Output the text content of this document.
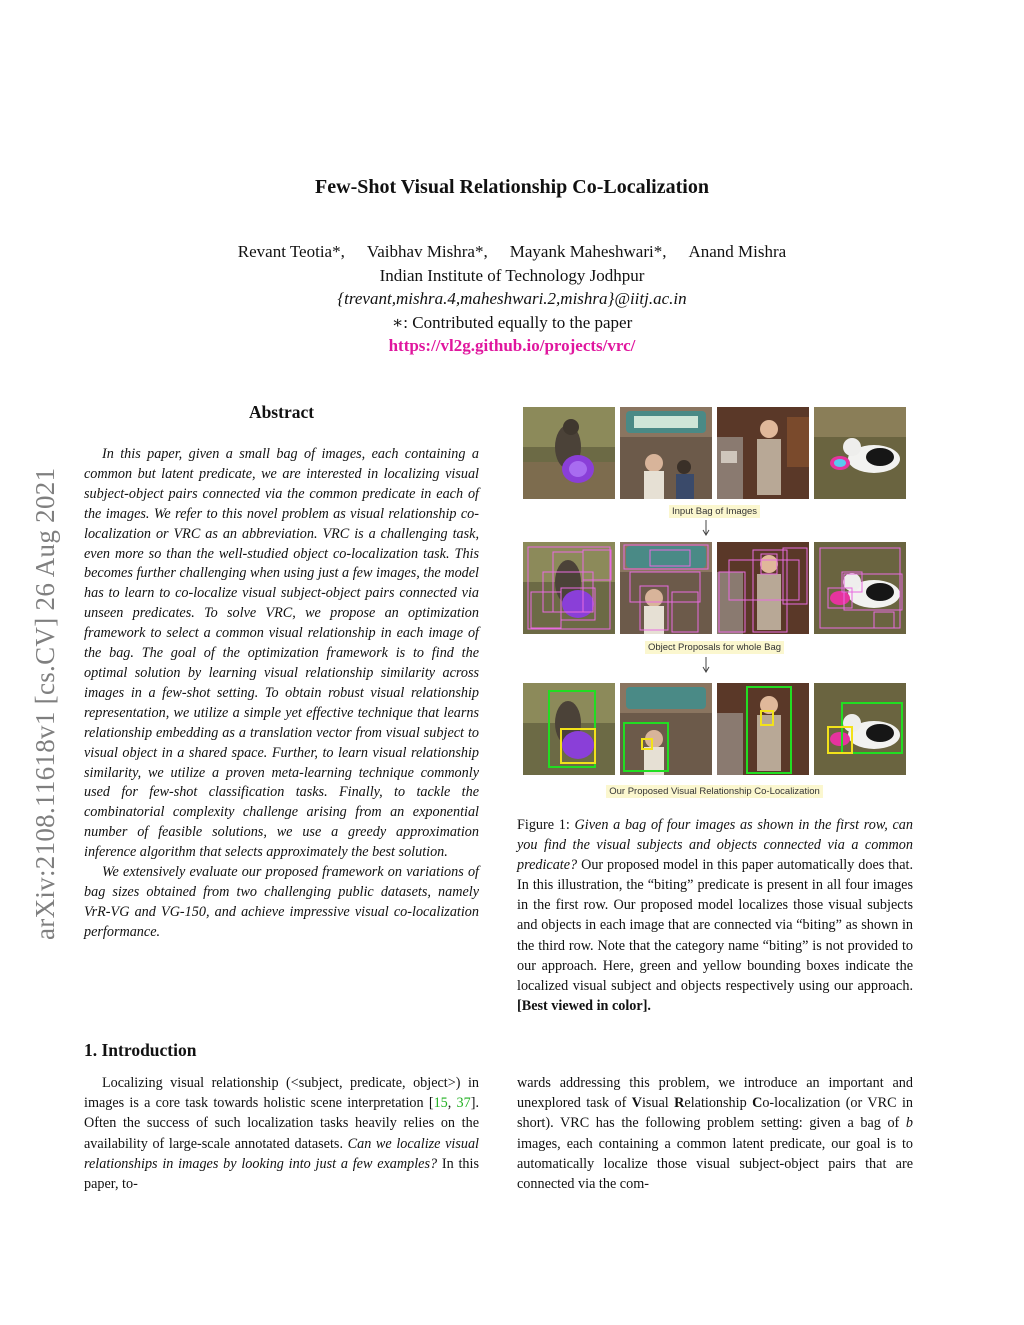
arXiv:2108.11618v1 [cs.CV] 26 Aug 2021
Few-Shot Visual Relationship Co-Localization
Revant Teotia*, Vaibhav Mishra*, Mayank Maheshwari*, Anand Mishra
Indian Institute of Technology Jodhpur
{trevant,mishra.4,maheshwari.2,mishra}@iitj.ac.in
∗: Contributed equally to the paper
https://vl2g.github.io/projects/vrc/
Abstract

In this paper, given a small bag of images, each containing a common but latent predicate, we are interested in localizing visual subject-object pairs connected via the common predicate in each of the images. We refer to this novel problem as visual relationship co-localization or VRC as an abbreviation. VRC is a challenging task, even more so than the well-studied object co-localization task. This becomes further challenging when using just a few images, the model has to learn to co-localize visual subject-object pairs connected via unseen predicates. To solve VRC, we propose an optimization framework to select a common visual relationship in each image of the bag. The goal of the optimization framework is to find the optimal solution by learning visual relationship similarity across images in a few-shot setting. To obtain robust visual relationship representation, we utilize a simple yet effective technique that learns relationship embedding as a translation vector from visual subject to visual object in a shared space. Further, to learn visual relationship similarity, we utilize a proven meta-learning technique commonly used for few-shot classification tasks. Finally, to tackle the combinatorial complexity challenge arising from an exponential number of feasible solutions, we use a greedy approximation inference algorithm that selects approximately the best solution.

We extensively evaluate our proposed framework on variations of bag sizes obtained from two challenging public datasets, namely VrR-VG and VG-150, and achieve impressive visual co-localization performance.

1. Introduction

Localizing visual relationship (<subject, predicate, object>) in images is a core task towards holistic scene interpretation [15, 37]. Often the success of such localization tasks heavily relies on the availability of large-scale annotated datasets. Can we localize visual relationships in images by looking into just a few examples? In this paper, to-

wards addressing this problem, we introduce an important and unexplored task of Visual Relationship Co-localization (or VRC in short). VRC has the following problem setting: given a bag of b images, each containing a common latent predicate, our goal is to automatically localize those visual subject-object pairs that are connected via the com-

Input Bag of Images
Object Proposals for whole Bag
Our Proposed Visual Relationship Co-Localization
Figure 1: Given a bag of four images as shown in the first row, can you find the visual subjects and objects connected via a common predicate? Our proposed model in this paper automatically does that. In this illustration, the “biting” predicate is present in all four images in the first row. Our proposed model localizes those visual subjects and objects in each image that are connected via “biting” as shown in the third row. Note that the category name “biting” is not provided to our approach. Here, green and yellow bounding boxes indicate the localized visual subject and objects respectively using our approach.[Best viewed in color].
